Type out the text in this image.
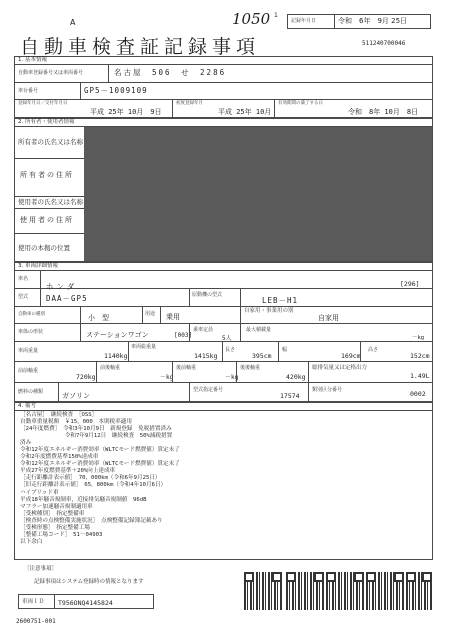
A	1050 1
記録年月日	令和　6年　9月 25日
自動車検査証記録事項	511240700046
1. 基本情報
自動車登録番号又は車両番号	名古屋　506　せ　2286
車台番号	GP5－1009109
登録年月日／交付年月日
平成 25年 10月　9日
初度登録年月
平成 25年 10月
有効期間の満了する日
令和　8年 10月　8日
2. 所有者・使用者情報
所有者の氏名又は名称
所有者の住所
使用者の氏名又は名称
使用者の住所
使用の本拠の位置
3. 車両詳細情報
車名
ホンダ	[296]
型式 DAA－GP5	原動機の型式
LEB－H1
自動車の種別	小　型	用途 乗用
自家用・事業用の別
自家用
車体の形状	ステーションワゴン	[003]
乗車定員
5人
最大積載量
－kg
車両重量
1140kg
車両総重量
1415kg
長さ
395cm
幅
169cm
高さ
152cm
前前軸重
720kg
前後軸重
－kg
後前軸重
－kg
後後軸重
420kg
総排気量又は定格出力
1.49L
燃料の種類	ガソリン
型式指定番号
17574
類別区分番号	0002
4. 備考
［名古屋］　継続検査　［OSS］
自動車重量税額　￥15，000　本則税率適用
［24年度燃費］　令和3年10月9日　新規登録　免税措置済み
　　　　　　　　令和7年9月12日　継続検査　50%減税措置
済み
令和12年度エネルギー消費効率（WLTCモード燃費値）算定未了
令和2年度燃費基準150%達成車
令和12年度エネルギー消費効率（WLTCモード燃費値）算定未了
平成27年度燃費基準＋20%向上達成車
［走行距離計表示値］　70，000km（令和6年9月25日）
［旧走行距離計表示値］　65，800km（令和4年10月6日）
ハイブリッド車
平成18年騒音規制車，近接排気騒音規制値　96dB
マフラー加速騒音規制適用車
［受検種別］　指定整備車
［検査時の点検整備実施状況］　点検整備記録簿記載あり
［受検形態］　指定整備工場
［整備工場コード］　51－04903
以下余白
［注意事項］
記録事項はシステム登録時の情報となります
車両ＩＤ T956ONQ4145824
2600751-001
